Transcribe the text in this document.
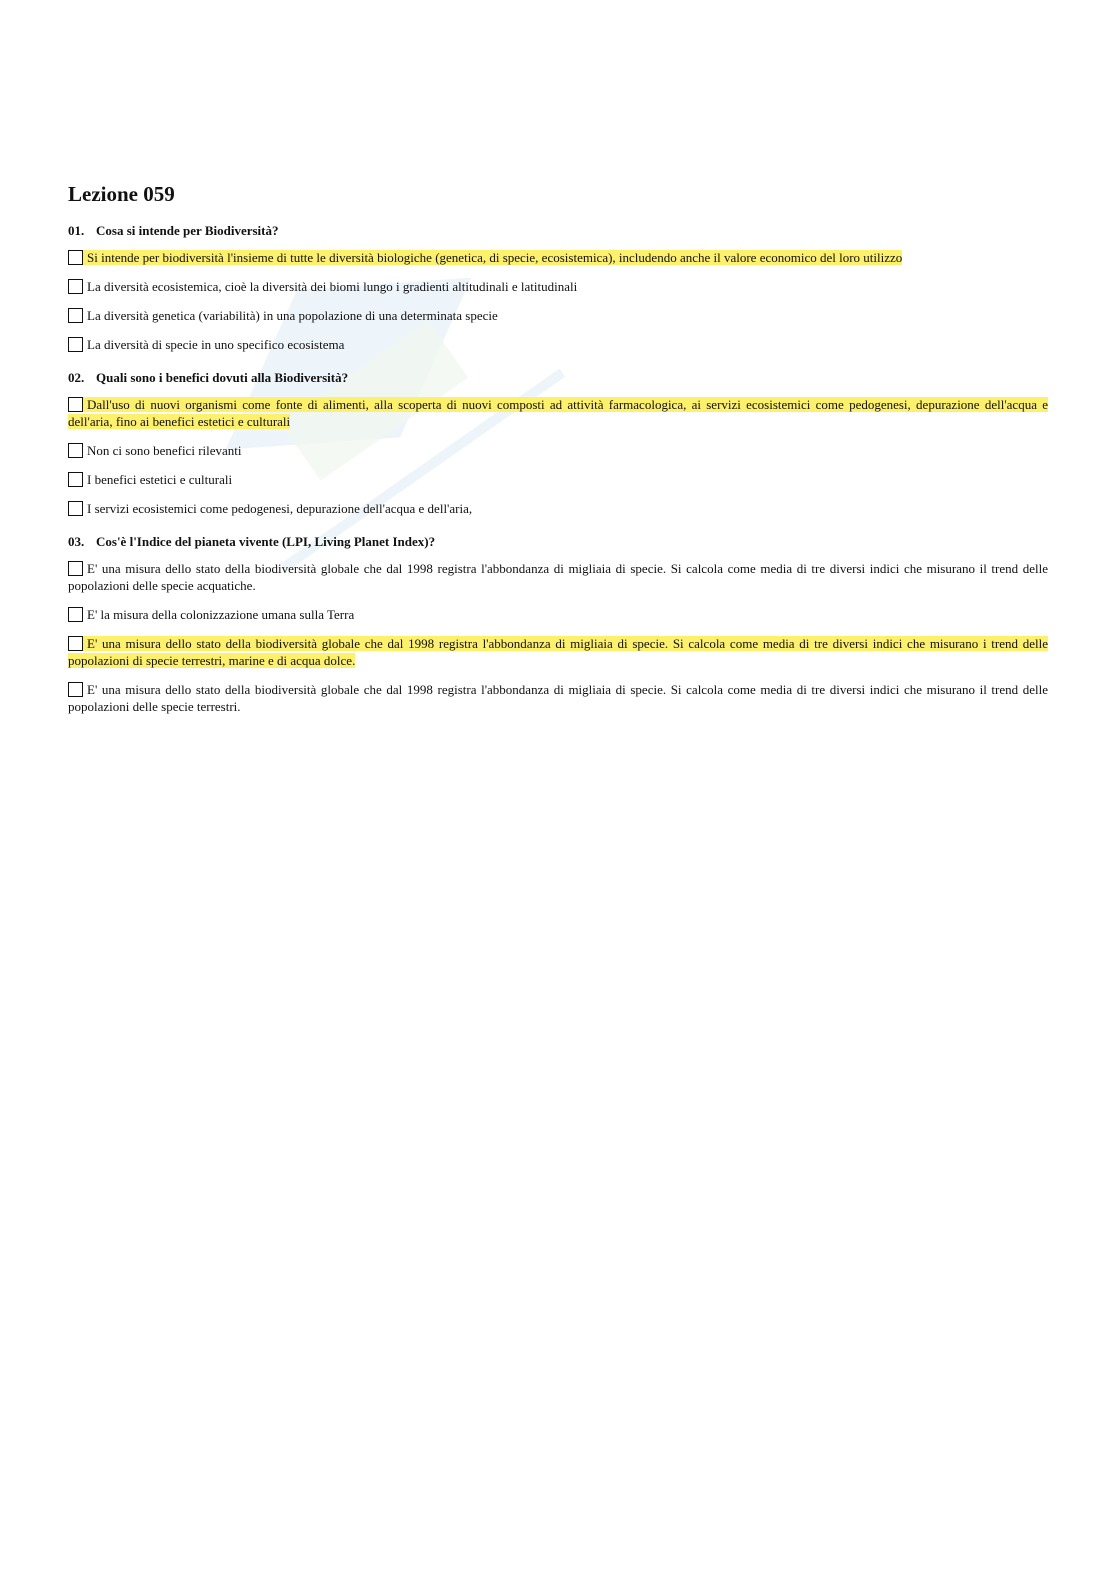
Lezione 059
01. Cosa si intende per Biodiversità?
Si intende per biodiversità l'insieme di tutte le diversità biologiche (genetica, di specie, ecosistemica), includendo anche il valore economico del loro utilizzo
La diversità ecosistemica, cioè la diversità dei biomi lungo i gradienti altitudinali e latitudinali
La diversità genetica (variabilità) in una popolazione di una determinata specie
La diversità di specie in uno specifico ecosistema
02. Quali sono i benefici dovuti alla Biodiversità?
Dall'uso di nuovi organismi come fonte di alimenti, alla scoperta di nuovi composti ad attività farmacologica, ai servizi ecosistemici come pedogenesi, depurazione dell'acqua e dell'aria, fino ai benefici estetici e culturali
Non ci sono benefici rilevanti
I benefici estetici e culturali
I servizi ecosistemici come pedogenesi, depurazione dell'acqua e dell'aria,
03. Cos'è l'Indice del pianeta vivente (LPI, Living Planet Index)?
E' una misura dello stato della biodiversità globale che dal 1998 registra l'abbondanza di migliaia di specie. Si calcola come media di tre diversi indici che misurano il trend delle popolazioni delle specie acquatiche.
E' la misura della colonizzazione umana sulla Terra
E' una misura dello stato della biodiversità globale che dal 1998 registra l'abbondanza di migliaia di specie. Si calcola come media di tre diversi indici che misurano i trend delle popolazioni di specie terrestri, marine e di acqua dolce.
E' una misura dello stato della biodiversità globale che dal 1998 registra l'abbondanza di migliaia di specie. Si calcola come media di tre diversi indici che misurano il trend delle popolazioni delle specie terrestri.
